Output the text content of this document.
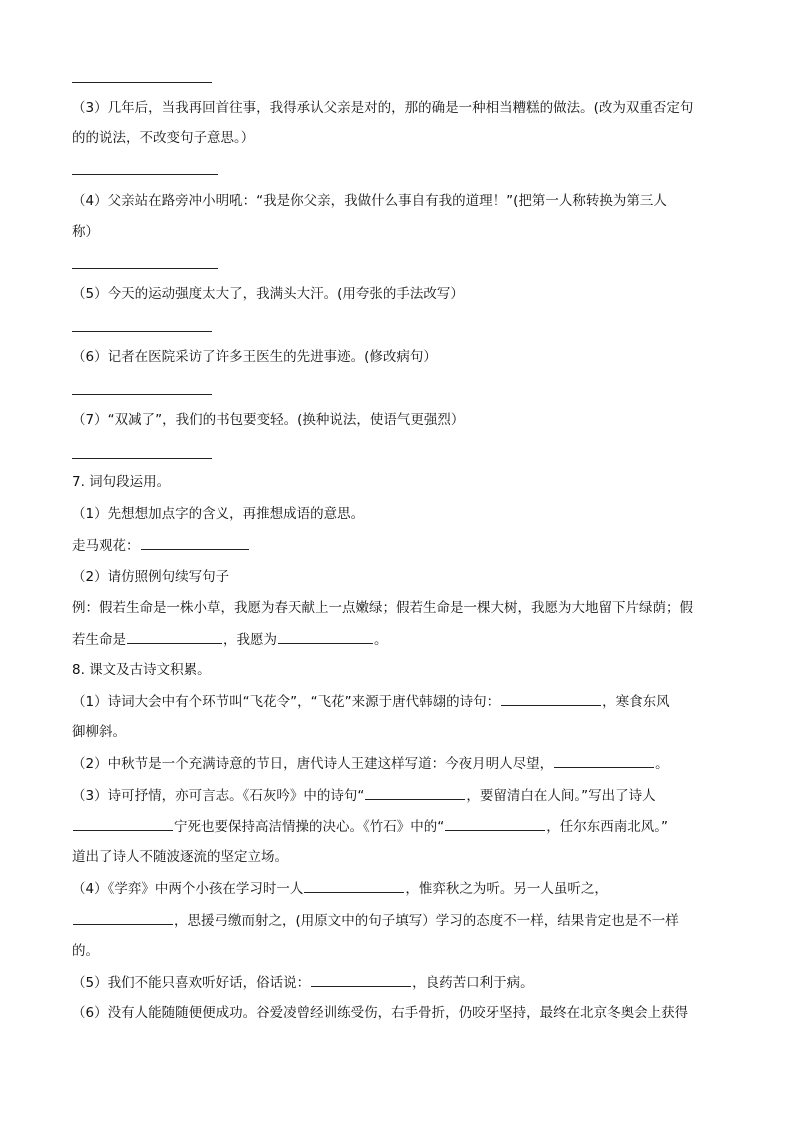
（3）几年后，当我再回首往事，我得承认父亲是对的，那的确是一种相当糟糕的做法。(改为双重否定句
的的说法，不改变句子意思。）
（4）父亲站在路旁冲小明吼：“我是你父亲，我做什么事自有我的道理！”(把第一人称转换为第三人
称）
（5）今天的运动强度太大了，我满头大汗。(用夸张的手法改写）
（6）记者在医院采访了许多王医生的先进事迹。(修改病句）
（7）“双减了”，我们的书包要变轻。(换种说法，使语气更强烈）
7. 词句段运用。
（1）先想想加点字的含义，再推想成语的意思。
走马观花：
（2）请仿照例句续写句子
例：假若生命是一株小草，我愿为春天献上一点嫩绿；假若生命是一棵大树，我愿为大地留下片绿荫；假
若生命是	，我愿为	。
8. 课文及古诗文积累。
（1）诗词大会中有个环节叫“飞花令”，“飞花”来源于唐代韩翃的诗句：	，寒食东风
御柳斜。
（2）中秋节是一个充满诗意的节日，唐代诗人王建这样写道：今夜月明人尽望，	。
（3）诗可抒情，亦可言志。《石灰吟》中的诗句“	，要留清白在人间。”写出了诗人
宁死也要保持高洁情操的决心。《竹石》中的“	，任尔东西南北风。”
道出了诗人不随波逐流的坚定立场。
（4）《学弈》中两个小孩在学习时一人	，惟弈秋之为听。另一人虽听之，
，思援弓缴而射之，(用原文中的句子填写）学习的态度不一样，结果肯定也是不一样
的。
（5）我们不能只喜欢听好话，俗话说：	，良药苦口利于病。
（6）没有人能随随便便成功。谷爱凌曾经训练受伤，右手骨折，仍咬牙坚持，最终在北京冬奥会上获得
